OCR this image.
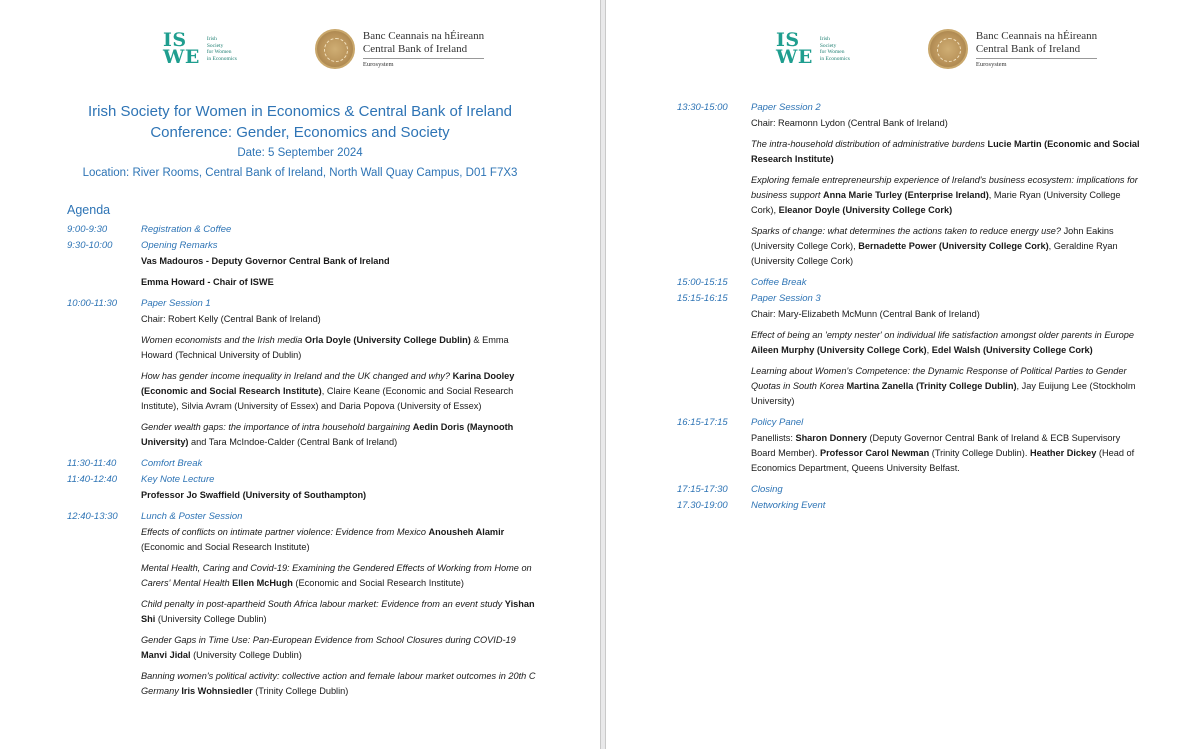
IS
WE
Irish
Society
for Women
in Economics
Banc Ceannais na hÉireann
Central Bank of Ireland
Eurosystem
Irish Society for Women in Economics & Central Bank of Ireland
Conference: Gender, Economics and Society
Date: 5 September 2024
Location: River Rooms, Central Bank of Ireland, North Wall Quay Campus, D01 F7X3
Agenda
9:00-9:30	Registration & Coffee
9:30-10:00	Opening Remarks
Vas Madouros - Deputy Governor Central Bank of Ireland
Emma Howard - Chair of ISWE
10:00-11:30	Paper Session 1
Chair: Robert Kelly (Central Bank of Ireland)
Women economists and the Irish media Orla Doyle (University College Dublin) & Emma Howard (Technical University of Dublin)
How has gender income inequality in Ireland and the UK changed and why? Karina Dooley (Economic and Social Research Institute), Claire Keane (Economic and Social Research Institute), Silvia Avram (University of Essex) and Daria Popova (University of Essex)
Gender wealth gaps: the importance of intra household bargaining Aedin Doris (Maynooth University) and Tara McIndoe-Calder (Central Bank of Ireland)
11:30-11:40	Comfort Break
11:40-12:40	Key Note Lecture
Professor Jo Swaffield (University of Southampton)
12:40-13:30	Lunch & Poster Session
Effects of conflicts on intimate partner violence: Evidence from Mexico Anousheh Alamir (Economic and Social Research Institute)
Mental Health, Caring and Covid-19: Examining the Gendered Effects of Working from Home on Carers' Mental Health Ellen McHugh (Economic and Social Research Institute)
Child penalty in post-apartheid South Africa labour market: Evidence from an event study Yishan Shi (University College Dublin)
Gender Gaps in Time Use: Pan-European Evidence from School Closures during COVID-19 Manvi Jidal (University College Dublin)
Banning women's political activity: collective action and female labour market outcomes in 20th C Germany Iris Wohnsiedler (Trinity College Dublin)
IS
WE
Irish
Society
for Women
in Economics
Banc Ceannais na hÉireann
Central Bank of Ireland
Eurosystem
13:30-15:00	Paper Session 2
Chair: Reamonn Lydon (Central Bank of Ireland)
The intra-household distribution of administrative burdens Lucie Martin (Economic and Social Research Institute)
Exploring female entrepreneurship experience of Ireland's business ecosystem: implications for business support Anna Marie Turley (Enterprise Ireland), Marie Ryan (University College Cork), Eleanor Doyle (University College Cork)
Sparks of change: what determines the actions taken to reduce energy use? John Eakins (University College Cork), Bernadette Power (University College Cork), Geraldine Ryan (University College Cork)
15:00-15:15	Coffee Break
15:15-16:15	Paper Session 3
Chair: Mary-Elizabeth McMunn (Central Bank of Ireland)
Effect of being an 'empty nester' on individual life satisfaction amongst older parents in Europe Aileen Murphy (University College Cork), Edel Walsh (University College Cork)
Learning about Women's Competence: the Dynamic Response of Political Parties to Gender Quotas in South Korea Martina Zanella (Trinity College Dublin), Jay Euijung Lee (Stockholm University)
16:15-17:15	Policy Panel
Panellists: Sharon Donnery (Deputy Governor Central Bank of Ireland & ECB Supervisory Board Member). Professor Carol Newman (Trinity College Dublin). Heather Dickey (Head of Economics Department, Queens University Belfast.
17:15-17:30	Closing
17.30-19:00	Networking Event
